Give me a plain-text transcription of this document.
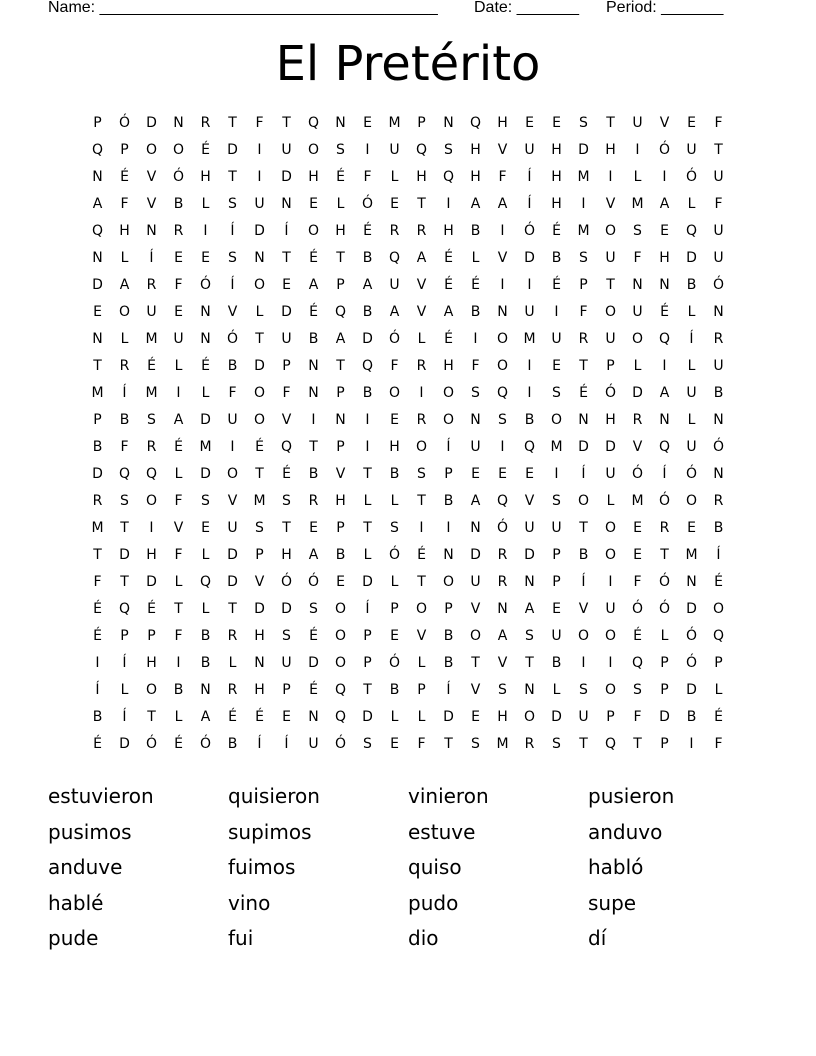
Name: ______________________________________ Date: _______ Period: _______
El Pretérito
P	Ó	D	N	R	T	F	T	Q	N	E	M	P	N	Q	H	E	E	S	T	U	V	E	F
Q	P	O	O	É	D	I	U	O	S	I	U	Q	S	H	V	U	H	D	H	I	Ó	U	T
N	É	V	Ó	H	T	I	D	H	É	F	L	H	Q	H	F	Í	H	M	I	L	I	Ó	U
A	F	V	B	L	S	U	N	E	L	Ó	E	T	I	A	A	Í	H	I	V	M	A	L	F
Q	H	N	R	I	Í	D	Í	O	H	É	R	R	H	B	I	Ó	É	M	O	S	E	Q	U
N	L	Í	E	E	S	N	T	É	T	B	Q	A	É	L	V	D	B	S	U	F	H	D	U
D	A	R	F	Ó	Í	O	E	A	P	A	U	V	É	É	I	I	É	P	T	N	N	B	Ó
E	O	U	E	N	V	L	D	É	Q	B	A	V	A	B	N	U	I	F	O	U	É	L	N
N	L	M	U	N	Ó	T	U	B	A	D	Ó	L	É	I	O	M	U	R	U	O	Q	Í	R
T	R	É	L	É	B	D	P	N	T	Q	F	R	H	F	O	I	E	T	P	L	I	L	U
M	Í	M	I	L	F	O	F	N	P	B	O	I	O	S	Q	I	S	É	Ó	D	A	U	B
P	B	S	A	D	U	O	V	I	N	I	E	R	O	N	S	B	O	N	H	R	N	L	N
B	F	R	É	M	I	É	Q	T	P	I	H	O	Í	U	I	Q	M	D	D	V	Q	U	Ó
D	Q	Q	L	D	O	T	É	B	V	T	B	S	P	E	E	E	I	Í	U	Ó	Í	Ó	N
R	S	O	F	S	V	M	S	R	H	L	L	T	B	A	Q	V	S	O	L	M	Ó	O	R
M	T	I	V	E	U	S	T	E	P	T	S	I	I	N	Ó	U	U	T	O	E	R	E	B
T	D	H	F	L	D	P	H	A	B	L	Ó	É	N	D	R	D	P	B	O	E	T	M	Í
F	T	D	L	Q	D	V	Ó	Ó	E	D	L	T	O	U	R	N	P	Í	I	F	Ó	N	É
É	Q	É	T	L	T	D	D	S	O	Í	P	O	P	V	N	A	E	V	U	Ó	Ó	D	O
É	P	P	F	B	R	H	S	É	O	P	E	V	B	O	A	S	U	O	O	É	L	Ó	Q
I	Í	H	I	B	L	N	U	D	O	P	Ó	L	B	T	V	T	B	I	I	Q	P	Ó	P
Í	L	O	B	N	R	H	P	É	Q	T	B	P	Í	V	S	N	L	S	O	S	P	D	L
B	Í	T	L	A	É	É	E	N	Q	D	L	L	D	E	H	O	D	U	P	F	D	B	É
É	D	Ó	É	Ó	B	Í	Í	U	Ó	S	E	F	T	S	M	R	S	T	Q	T	P	I	F
estuvieron	quisieron	vinieron	pusieron
pusimos	supimos	estuve	anduvo
anduve	fuimos	quiso	habló
hablé	vino	pudo	supe
pude	fui	dio	dí
